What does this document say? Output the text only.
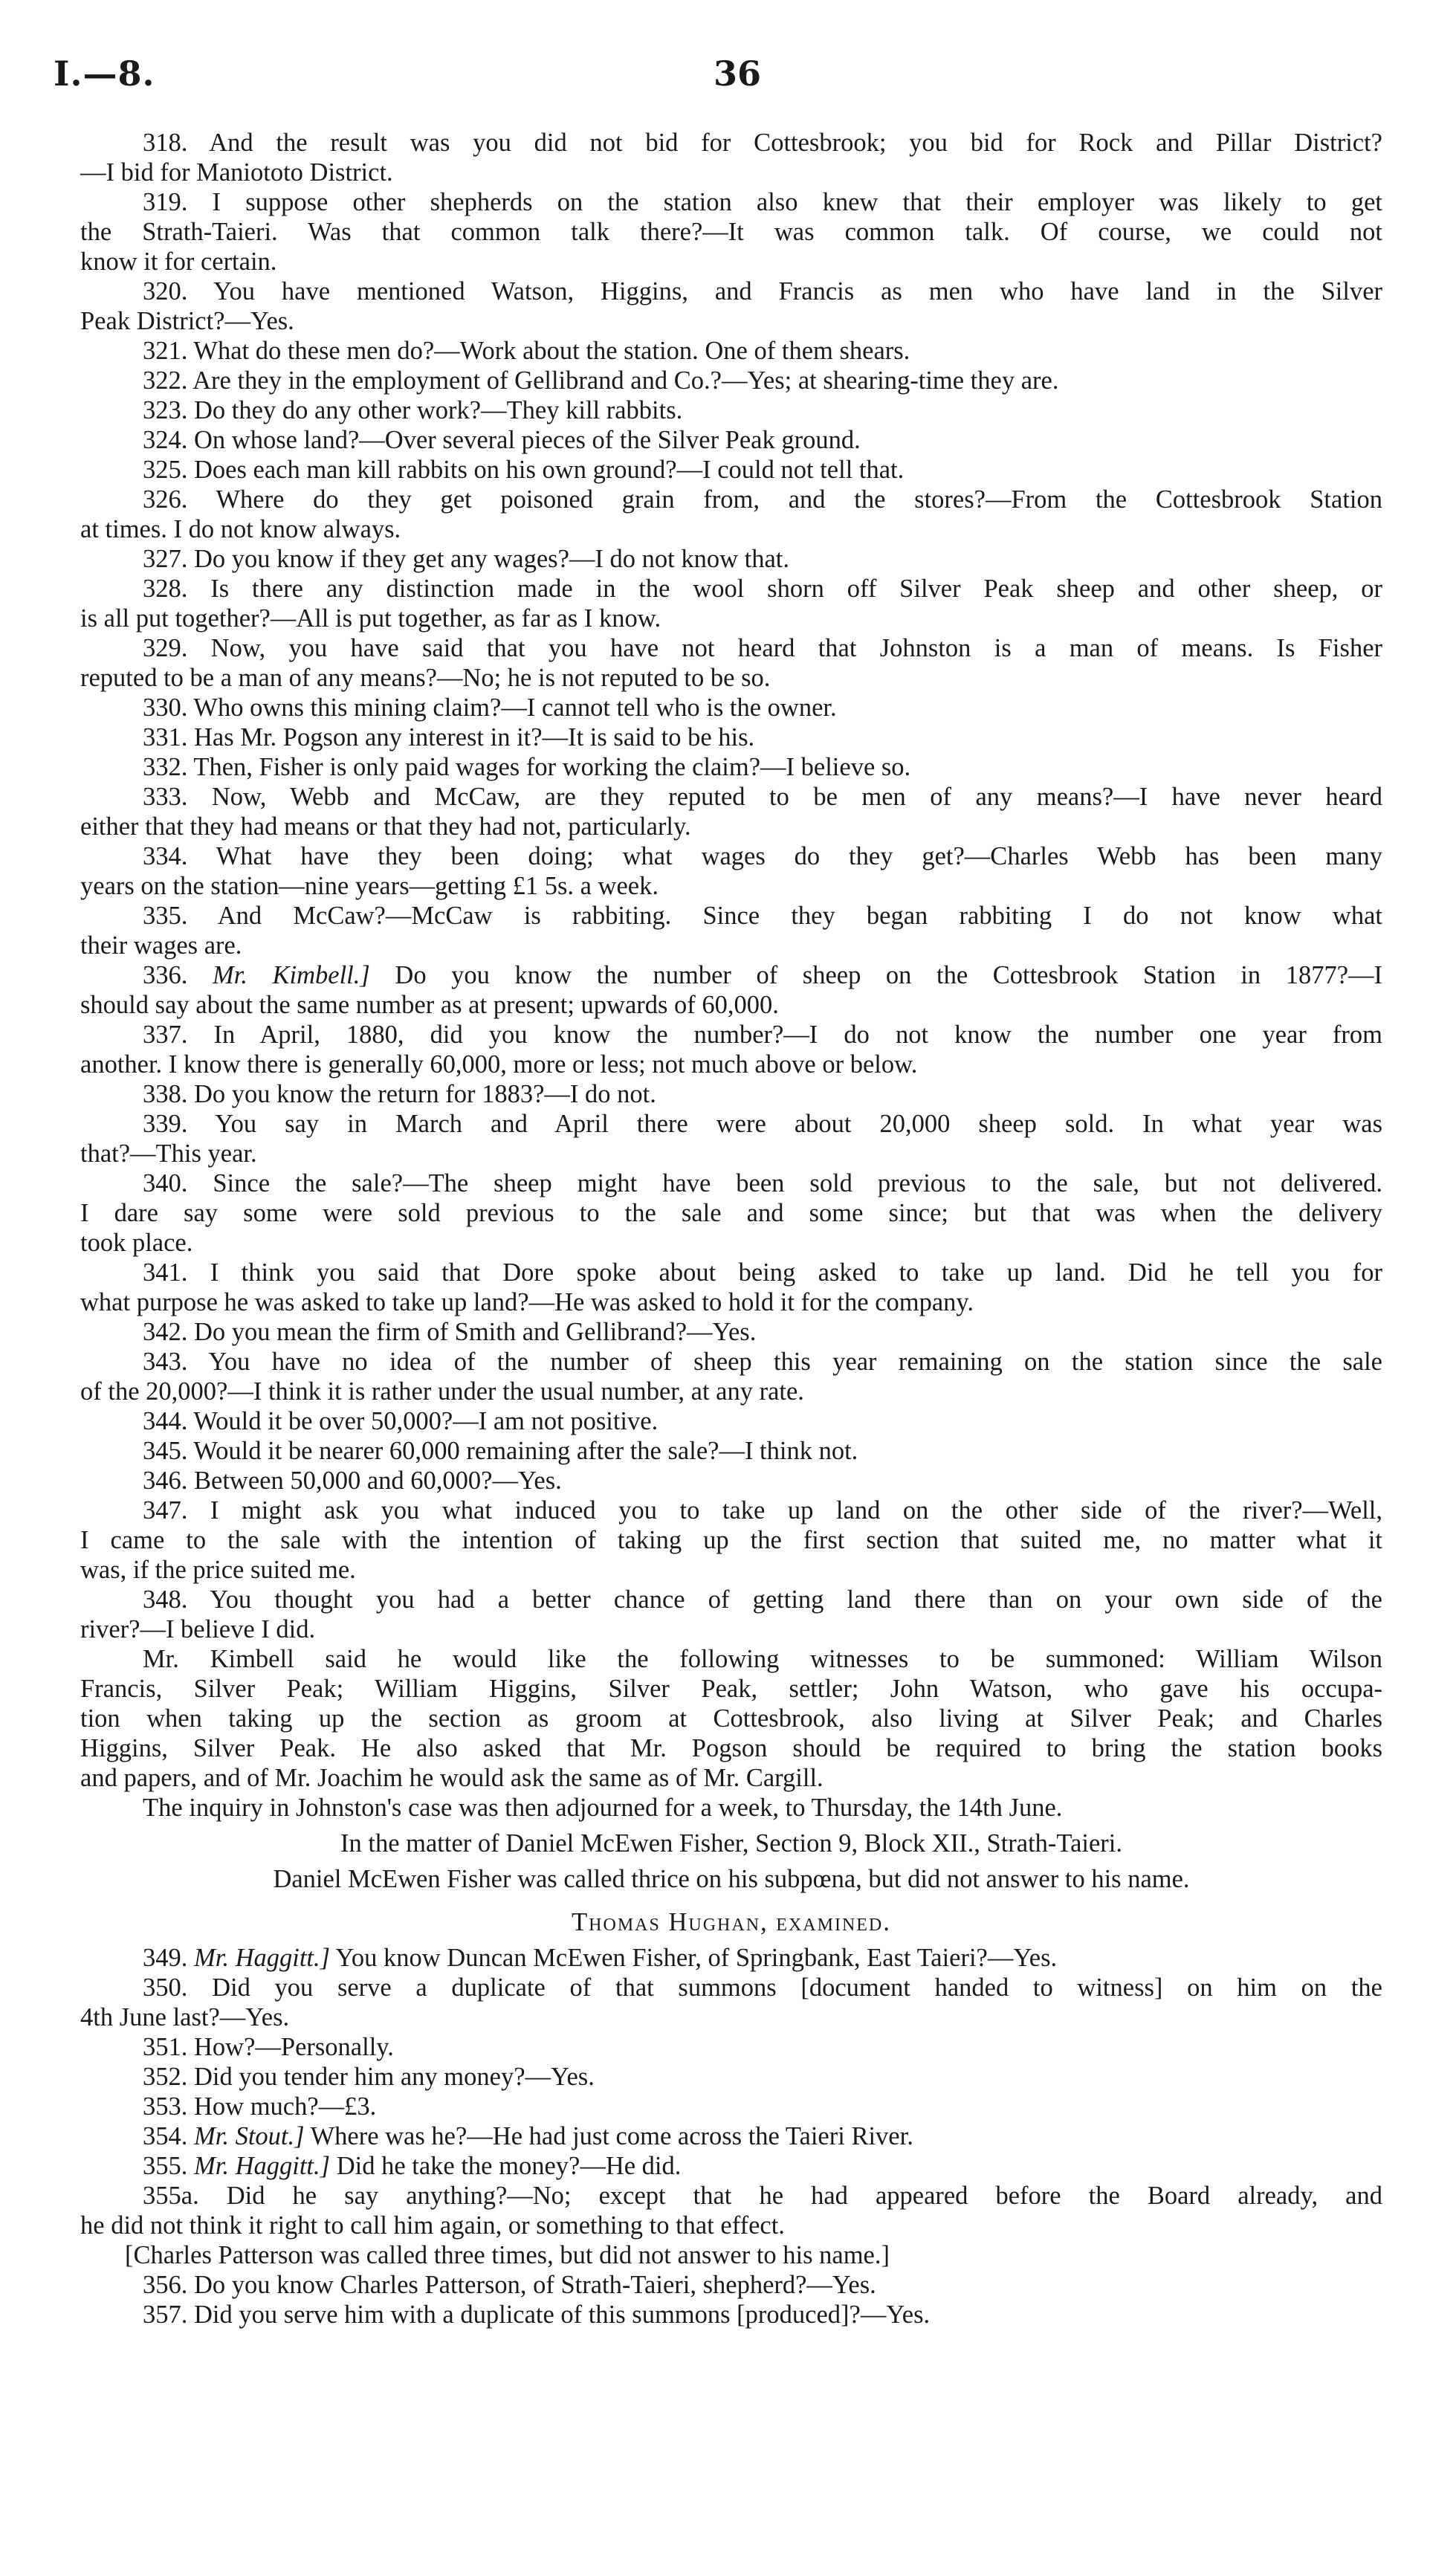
I.—8.	36
318. And the result was you did not bid for Cottesbrook; you bid for Rock and Pillar District?
—I bid for Maniototo District.
319. I suppose other shepherds on the station also knew that their employer was likely to get
the Strath-Taieri. Was that common talk there?—It was common talk. Of course, we could not
know it for certain.
320. You have mentioned Watson, Higgins, and Francis as men who have land in the Silver
Peak District?—Yes.
321. What do these men do?—Work about the station. One of them shears.
322. Are they in the employment of Gellibrand and Co.?—Yes; at shearing-time they are.
323. Do they do any other work?—They kill rabbits.
324. On whose land?—Over several pieces of the Silver Peak ground.
325. Does each man kill rabbits on his own ground?—I could not tell that.
326. Where do they get poisoned grain from, and the stores?—From the Cottesbrook Station
at times. I do not know always.
327. Do you know if they get any wages?—I do not know that.
328. Is there any distinction made in the wool shorn off Silver Peak sheep and other sheep, or
is all put together?—All is put together, as far as I know.
329. Now, you have said that you have not heard that Johnston is a man of means. Is Fisher
reputed to be a man of any means?—No; he is not reputed to be so.
330. Who owns this mining claim?—I cannot tell who is the owner.
331. Has Mr. Pogson any interest in it?—It is said to be his.
332. Then, Fisher is only paid wages for working the claim?—I believe so.
333. Now, Webb and McCaw, are they reputed to be men of any means?—I have never heard
either that they had means or that they had not, particularly.
334. What have they been doing; what wages do they get?—Charles Webb has been many
years on the station—nine years—getting £1 5s. a week.
335. And McCaw?—McCaw is rabbiting. Since they began rabbiting I do not know what
their wages are.
336. Mr. Kimbell.] Do you know the number of sheep on the Cottesbrook Station in 1877?—I
should say about the same number as at present; upwards of 60,000.
337. In April, 1880, did you know the number?—I do not know the number one year from
another. I know there is generally 60,000, more or less; not much above or below.
338. Do you know the return for 1883?—I do not.
339. You say in March and April there were about 20,000 sheep sold. In what year was
that?—This year.
340. Since the sale?—The sheep might have been sold previous to the sale, but not delivered.
I dare say some were sold previous to the sale and some since; but that was when the delivery
took place.
341. I think you said that Dore spoke about being asked to take up land. Did he tell you for
what purpose he was asked to take up land?—He was asked to hold it for the company.
342. Do you mean the firm of Smith and Gellibrand?—Yes.
343. You have no idea of the number of sheep this year remaining on the station since the sale
of the 20,000?—I think it is rather under the usual number, at any rate.
344. Would it be over 50,000?—I am not positive.
345. Would it be nearer 60,000 remaining after the sale?—I think not.
346. Between 50,000 and 60,000?—Yes.
347. I might ask you what induced you to take up land on the other side of the river?—Well,
I came to the sale with the intention of taking up the first section that suited me, no matter what it
was, if the price suited me.
348. You thought you had a better chance of getting land there than on your own side of the
river?—I believe I did.
Mr. Kimbell said he would like the following witnesses to be summoned: William Wilson
Francis, Silver Peak; William Higgins, Silver Peak, settler; John Watson, who gave his occupa-
tion when taking up the section as groom at Cottesbrook, also living at Silver Peak; and Charles
Higgins, Silver Peak. He also asked that Mr. Pogson should be required to bring the station books
and papers, and of Mr. Joachim he would ask the same as of Mr. Cargill.
The inquiry in Johnston's case was then adjourned for a week, to Thursday, the 14th June.
In the matter of Daniel McEwen Fisher, Section 9, Block XII., Strath-Taieri.
Daniel McEwen Fisher was called thrice on his subpœna, but did not answer to his name.
Thomas Hughan, examined.
349. Mr. Haggitt.] You know Duncan McEwen Fisher, of Springbank, East Taieri?—Yes.
350. Did you serve a duplicate of that summons [document handed to witness] on him on the
4th June last?—Yes.
351. How?—Personally.
352. Did you tender him any money?—Yes.
353. How much?—£3.
354. Mr. Stout.] Where was he?—He had just come across the Taieri River.
355. Mr. Haggitt.] Did he take the money?—He did.
355a. Did he say anything?—No; except that he had appeared before the Board already, and
he did not think it right to call him again, or something to that effect.
[Charles Patterson was called three times, but did not answer to his name.]
356. Do you know Charles Patterson, of Strath-Taieri, shepherd?—Yes.
357. Did you serve him with a duplicate of this summons [produced]?—Yes.
